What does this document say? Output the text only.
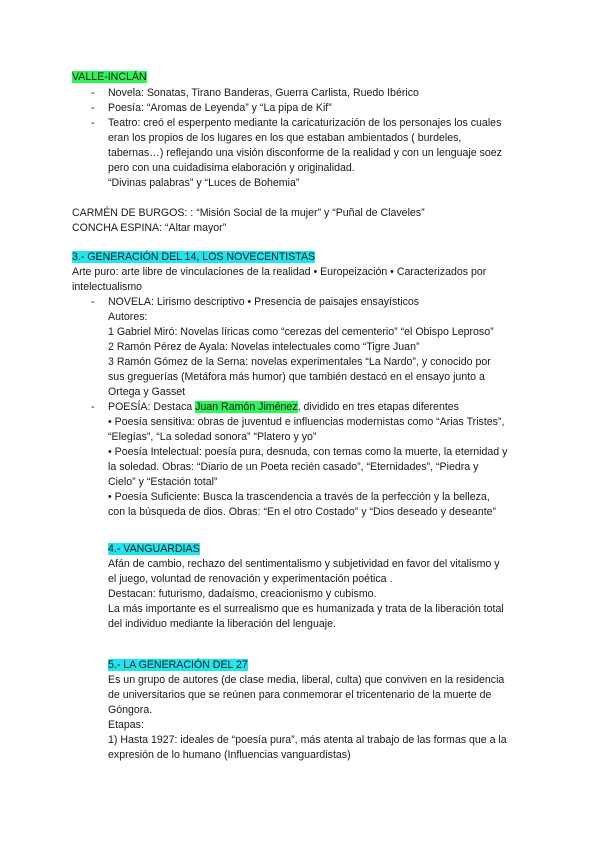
VALLE-INCLÁN
- Novela: Sonatas, Tirano Banderas, Guerra Carlista, Ruedo Ibérico
- Poesía: “Aromas de Leyenda” y “La pipa de Kif”
- Teatro: creó el esperpento mediante la caricaturización de los personajes los cuales
eran los propios de los lugares en los que estaban ambientados ( burdeles,
tabernas…) reflejando una visión disconforme de la realidad y con un lenguaje soez
pero con una cuidadisima elaboración y originalidad.
“Divinas palabras” y “Luces de Bohemia”
CARMÉN DE BURGOS: : “Misión Social de la mujer” y “Puñal de Claveles”
CONCHA ESPINA: “Altar mayor”
3.- GENERACIÓN DEL 14, LOS NOVECENTISTAS
Arte puro: arte libre de vinculaciones de la realidad • Europeización • Caracterizados por
intelectualismo
- NOVELA: Lirismo descriptivo • Presencia de paisajes ensayísticos
Autores:
1 Gabriel Miró: Novelas líricas como “cerezas del cementerio” “el Obispo Leproso”
2 Ramón Pérez de Ayala: Novelas intelectuales como “Tigre Juan”
3 Ramón Gómez de la Serna: novelas experimentales “La Nardo”, y conocido por
sus greguerías (Metáfora más humor) que también destacó en el ensayo junto a
Ortega y Gasset
- POESÍA: Destaca Juan Ramón Jiménez, dividido en tres etapas diferentes
• Poesía sensitiva: obras de juventud e influencias modernistas como “Arias Tristes”,
“Elegías”, “La soledad sonora” “Platero y yo”
• Poesía Intelectual: poesía pura, desnuda, con temas como la muerte, la eternidad y
la soledad. Obras: “Diario de un Poeta recién casado”, “Eternidades”, “Piedra y
Cielo” y “Estación total”
• Poesía Suficiente: Busca la trascendencia a través de la perfección y la belleza,
con la búsqueda de dios. Obras: “En el otro Costado” y “Dios deseado y deseante”
4.- VANGUARDIAS
Afán de cambio, rechazo del sentimentalismo y subjetividad en favor del vitalismo y
el juego, voluntad de renovación y experimentación poética .
Destacan: futurismo, dadaísmo, creacionismo y cubismo.
La más importante es el surrealismo que es humanizada y trata de la liberación total
del individuo mediante la liberación del lenguaje.
5.- LA GENERACIÓN DEL 27
Es un grupo de autores (de clase media, liberal, culta) que conviven en la residencia
de universitarios que se reúnen para conmemorar el tricentenario de la muerte de
Góngora.
Etapas:
1) Hasta 1927: ideales de “poesía pura”, más atenta al trabajo de las formas que a la
expresión de lo humano (Influencias vanguardistas)
